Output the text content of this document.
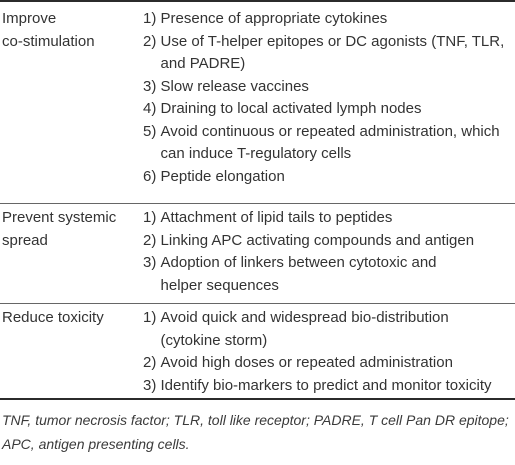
Improve
co-stimulation
1) Presence of appropriate cytokines
2) Use of T-helper epitopes or DC agonists (TNF, TLR,
and PADRE)
3) Slow release vaccines
4) Draining to local activated lymph nodes
5) Avoid continuous or repeated administration, which
can induce T-regulatory cells
6) Peptide elongation
Prevent systemic
spread
1) Attachment of lipid tails to peptides
2) Linking APC activating compounds and antigen
3) Adoption of linkers between cytotoxic and
helper sequences
Reduce toxicity	1) Avoid quick and widespread bio-distribution
(cytokine storm)
2) Avoid high doses or repeated administration
3) Identify bio-markers to predict and monitor toxicity
TNF, tumor necrosis factor; TLR, toll like receptor; PADRE, T cell Pan DR epitope; APC, antigen presenting cells.
